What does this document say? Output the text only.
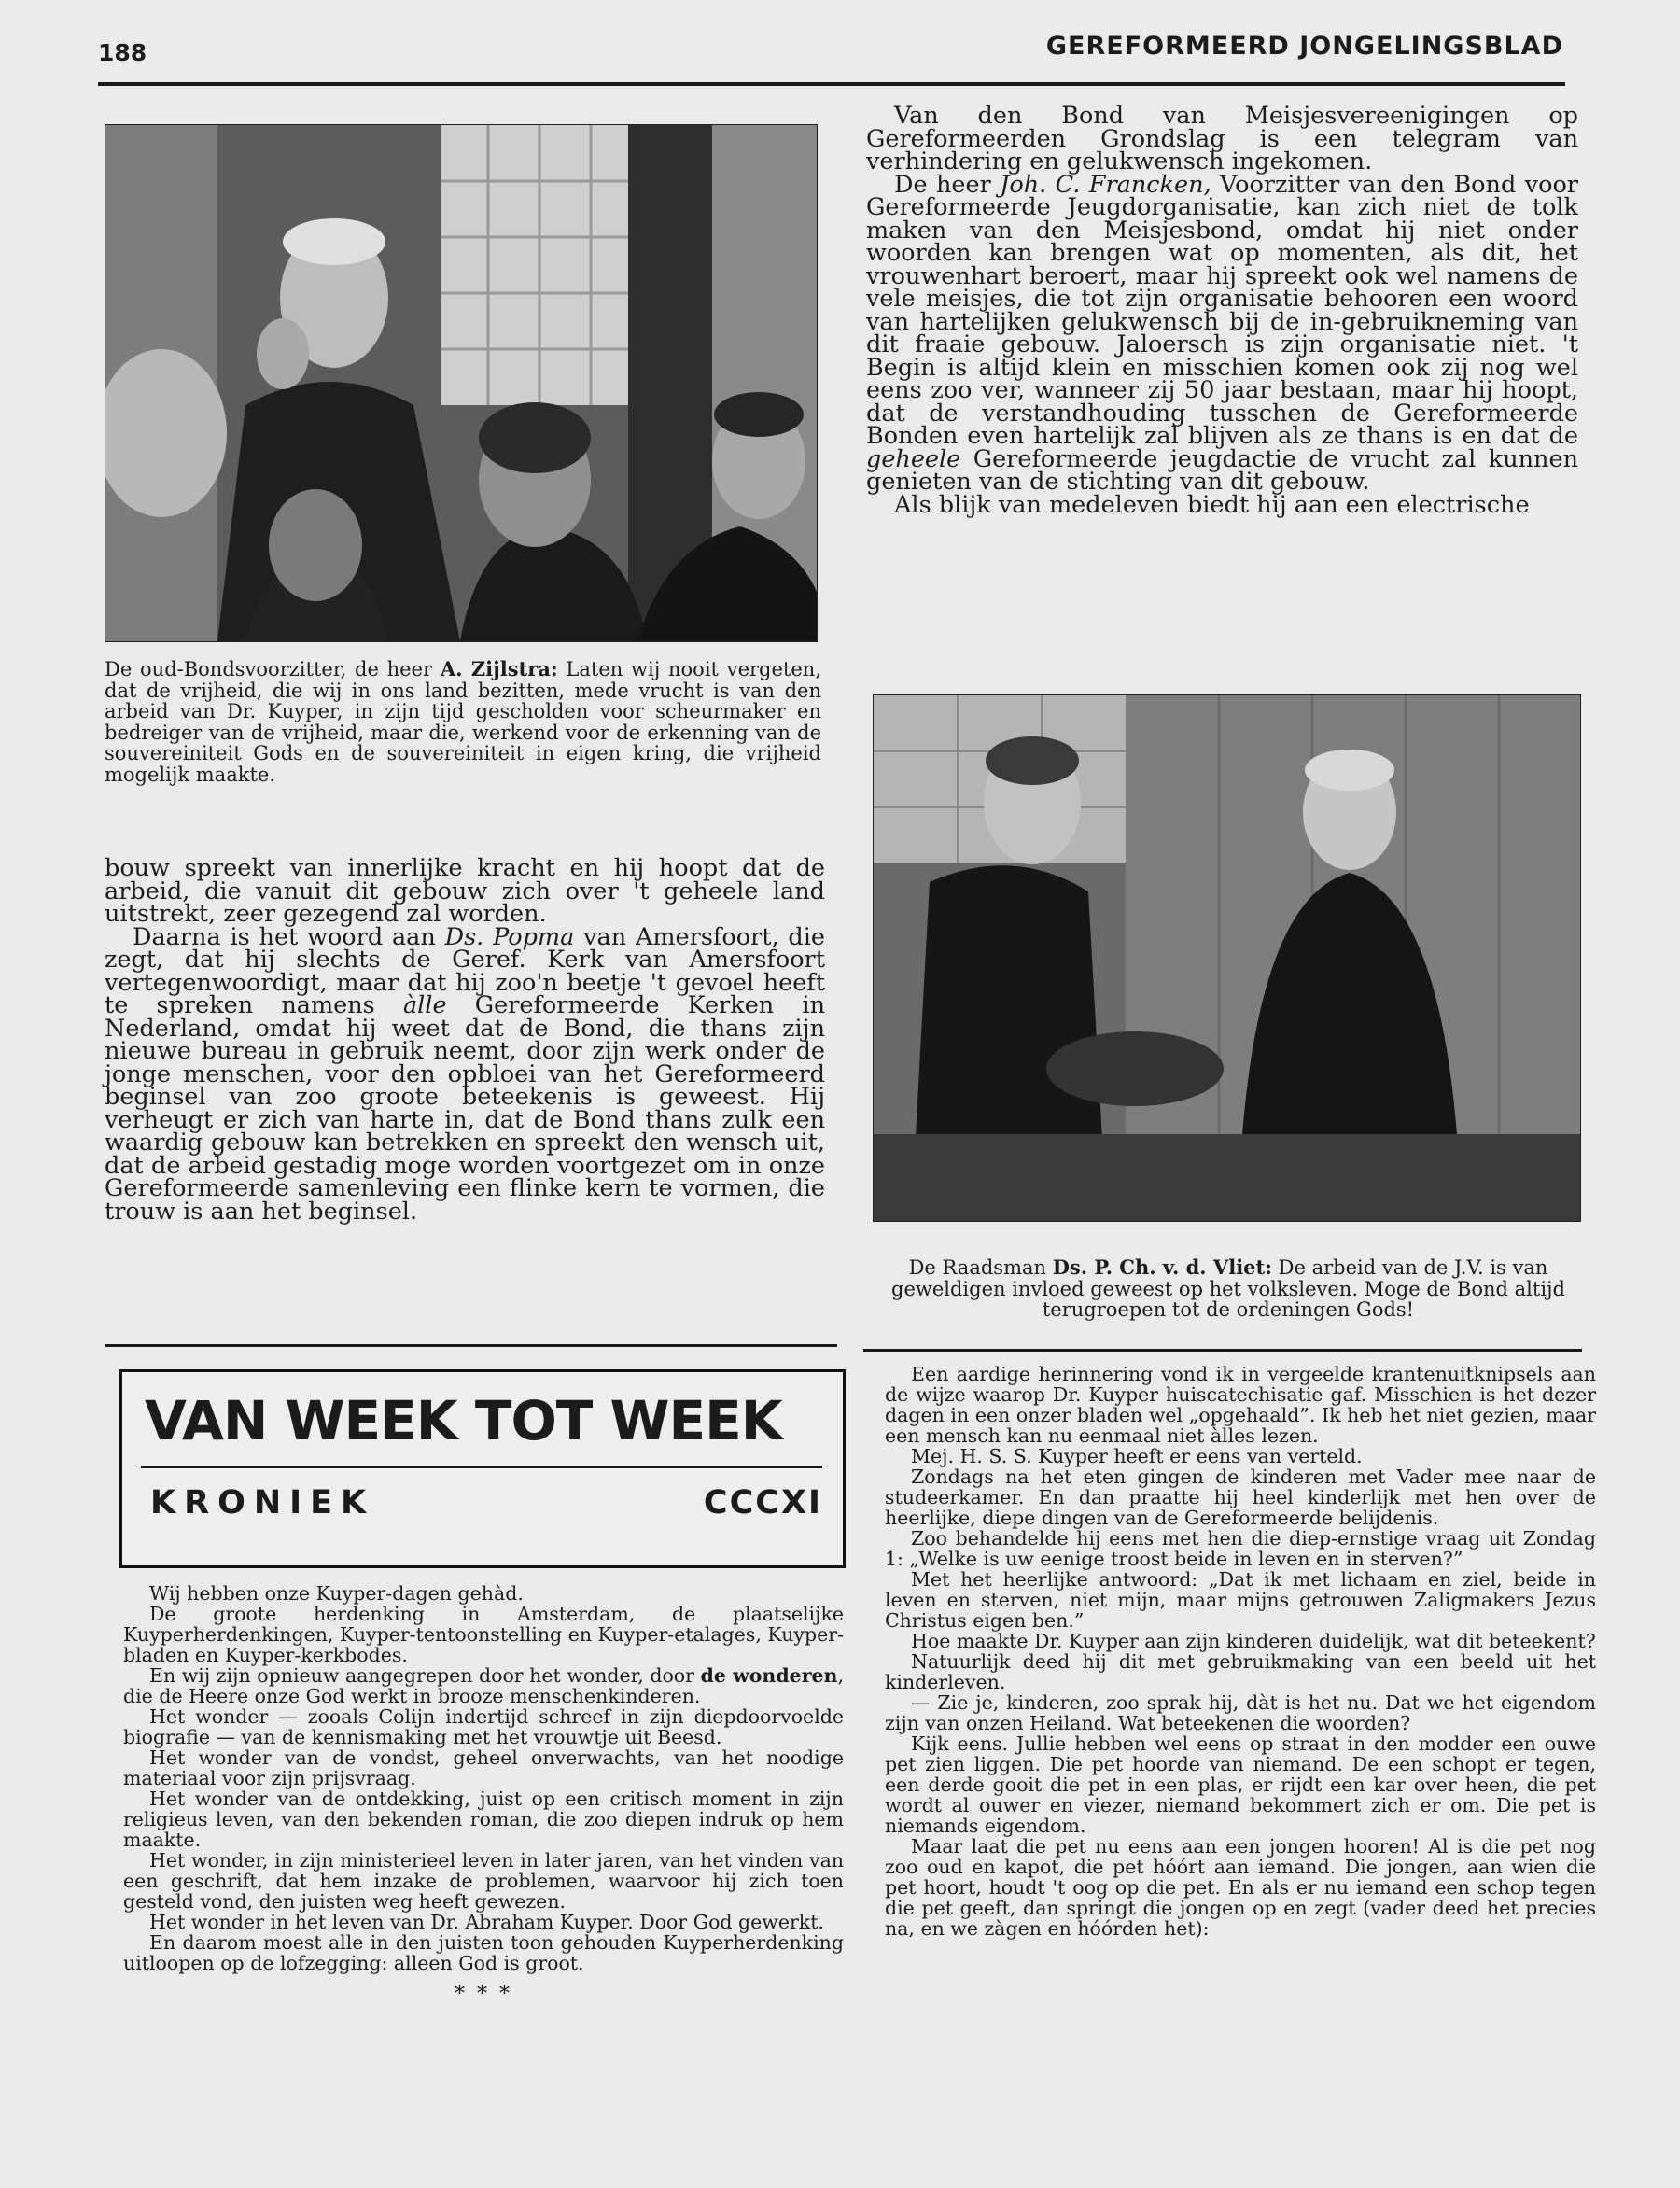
188	GEREFORMEERD JONGELINGSBLAD
De oud-Bondsvoorzitter, de heer A. Zijlstra: Laten wij nooit vergeten, dat de vrijheid, die wij in ons land bezitten, mede vrucht is van den arbeid van Dr. Kuyper, in zijn tijd gescholden voor scheurmaker en bedreiger van de vrijheid, maar die, werkend voor de erkenning van de souvereiniteit Gods en de souvereiniteit in eigen kring, die vrijheid mogelijk maakte.
De Raadsman Ds. P. Ch. v. d. Vliet: De arbeid van de J.V. is van geweldigen invloed geweest op het volksleven. Moge de Bond altijd terugroepen tot de ordeningen Gods!

Van den Bond van Meisjesvereenigingen op Gereformeerden Grondslag is een telegram van verhindering en gelukwensch ingekomen.

De heer Joh. C. Francken, Voorzitter van den Bond voor Gereformeerde Jeugdorganisatie, kan zich niet de tolk maken van den Meisjesbond, omdat hij niet onder woorden kan brengen wat op momenten, als dit, het vrouwenhart beroert, maar hij spreekt ook wel namens de vele meisjes, die tot zijn organisatie behooren een woord van hartelijken gelukwensch bij de in-gebruikneming van dit fraaie gebouw. Jaloersch is zijn organisatie niet. 't Begin is altijd klein en misschien komen ook zij nog wel eens zoo ver, wanneer zij 50 jaar bestaan, maar hij hoopt, dat de verstandhouding tusschen de Gereformeerde Bonden even hartelijk zal blijven als ze thans is en dat de geheele Gereformeerde jeugdactie de vrucht zal kunnen genieten van de stichting van dit gebouw.

Als blijk van medeleven biedt hij aan een electrische

bouw spreekt van innerlijke kracht en hij hoopt dat de arbeid, die vanuit dit gebouw zich over 't geheele land uitstrekt, zeer gezegend zal worden.

Daarna is het woord aan Ds. Popma van Amersfoort, die zegt, dat hij slechts de Geref. Kerk van Amersfoort vertegenwoordigt, maar dat hij zoo'n beetje 't gevoel heeft te spreken namens àlle Gereformeerde Kerken in Nederland, omdat hij weet dat de Bond, die thans zijn nieuwe bureau in gebruik neemt, door zijn werk onder de jonge menschen, voor den opbloei van het Gereformeerd beginsel van zoo groote beteekenis is geweest. Hij verheugt er zich van harte in, dat de Bond thans zulk een waardig gebouw kan betrekken en spreekt den wensch uit, dat de arbeid gestadig moge worden voortgezet om in onze Gereformeerde samenleving een flinke kern te vormen, die trouw is aan het beginsel.

VAN WEEK TOT WEEK
KRONIEK	CCCXI

Wij hebben onze Kuyper-dagen gehàd.

De groote herdenking in Amsterdam, de plaatselijke Kuyperherdenkingen, Kuyper-tentoonstelling en Kuyper-etalages, Kuyper-bladen en Kuyper-kerkbodes.

En wij zijn opnieuw aangegrepen door het wonder, door de wonderen, die de Heere onze God werkt in brooze menschenkinderen.

Het wonder — zooals Colijn indertijd schreef in zijn diepdoorvoelde biografie — van de kennismaking met het vrouwtje uit Beesd.

Het wonder van de vondst, geheel onverwachts, van het noodige materiaal voor zijn prijsvraag.

Het wonder van de ontdekking, juist op een critisch moment in zijn religieus leven, van den bekenden roman, die zoo diepen indruk op hem maakte.

Het wonder, in zijn ministerieel leven in later jaren, van het vinden van een geschrift, dat hem inzake de problemen, waarvoor hij zich toen gesteld vond, den juisten weg heeft gewezen.

Het wonder in het leven van Dr. Abraham Kuyper. Door God gewerkt.

En daarom moest alle in den juisten toon gehouden Kuyperherdenking uitloopen op de lofzegging: alleen God is groot.

* * *

Een aardige herinnering vond ik in vergeelde krantenuitknipsels aan de wijze waarop Dr. Kuyper huiscatechisatie gaf. Misschien is het dezer dagen in een onzer bladen wel „opgehaald”. Ik heb het niet gezien, maar een mensch kan nu eenmaal niet àlles lezen.

Mej. H. S. S. Kuyper heeft er eens van verteld.

Zondags na het eten gingen de kinderen met Vader mee naar de studeerkamer. En dan praatte hij heel kinderlijk met hen over de heerlijke, diepe dingen van de Gereformeerde belijdenis.

Zoo behandelde hij eens met hen die diep-ernstige vraag uit Zondag 1: „Welke is uw eenige troost beide in leven en in sterven?”

Met het heerlijke antwoord: „Dat ik met lichaam en ziel, beide in leven en sterven, niet mijn, maar mijns getrouwen Zaligmakers Jezus Christus eigen ben.”

Hoe maakte Dr. Kuyper aan zijn kinderen duidelijk, wat dit beteekent?

Natuurlijk deed hij dit met gebruikmaking van een beeld uit het kinderleven.

— Zie je, kinderen, zoo sprak hij, dàt is het nu. Dat we het eigendom zijn van onzen Heiland. Wat beteekenen die woorden?

Kijk eens. Jullie hebben wel eens op straat in den modder een ouwe pet zien liggen. Die pet hoorde van niemand. De een schopt er tegen, een derde gooit die pet in een plas, er rijdt een kar over heen, die pet wordt al ouwer en viezer, niemand bekommert zich er om. Die pet is niemands eigendom.

Maar laat die pet nu eens aan een jongen hooren! Al is die pet nog zoo oud en kapot, die pet hóórt aan iemand. Die jongen, aan wien die pet hoort, houdt 't oog op die pet. En als er nu iemand een schop tegen die pet geeft, dan springt die jongen op en zegt (vader deed het precies na, en we zàgen en hóórden het):
